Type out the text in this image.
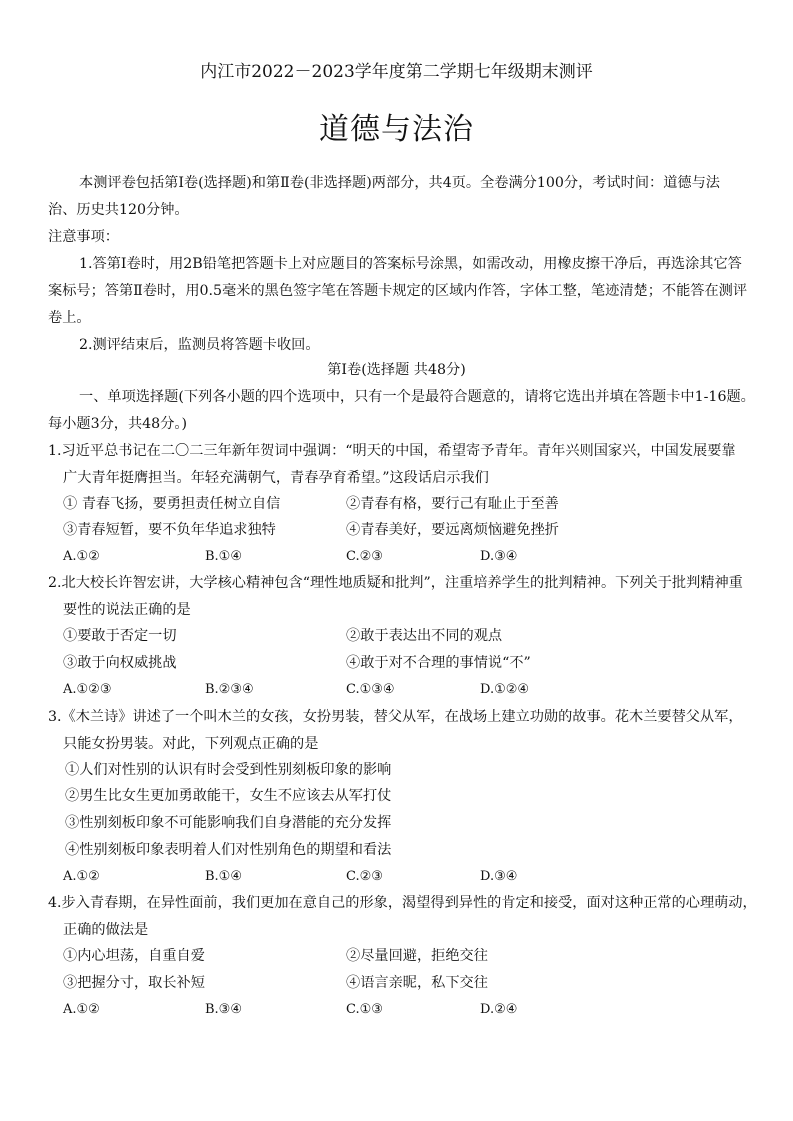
内江市2022－2023学年度第二学期七年级期末测评
道德与法治
本测评卷包括第Ⅰ卷(选择题)和第Ⅱ卷(非选择题)两部分，共4页。全卷满分100分，考试时间：道德与法
治、历史共120分钟。
注意事项：
1.答第Ⅰ卷时，用2B铅笔把答题卡上对应题目的答案标号涂黑，如需改动，用橡皮擦干净后，再选涂其它答
案标号；答第Ⅱ卷时，用0.5毫米的黑色签字笔在答题卡规定的区域内作答，字体工整，笔迹清楚；不能答在测评
卷上。
2.测评结束后，监测员将答题卡收回。
第Ⅰ卷(选择题 共48分)
一、单项选择题(下列各小题的四个选项中，只有一个是最符合题意的，请将它选出并填在答题卡中1-16题。
每小题3分，共48分。)
1.习近平总书记在二〇二三年新年贺词中强调：“明天的中国，希望寄予青年。青年兴则国家兴，中国发展要靠
广大青年挺膺担当。年轻充满朝气，青春孕育希望。”这段话启示我们
① 青春飞扬，要勇担责任树立自信	②青春有格，要行己有耻止于至善
③青春短暂，要不负年华追求独特	④青春美好，要远离烦恼避免挫折
A.①②	B.①④	C.②③	D.③④
2.北大校长许智宏讲，大学核心精神包含“理性地质疑和批判”，注重培养学生的批判精神。下列关于批判精神重
要性的说法正确的是
①要敢于否定一切	②敢于表达出不同的观点
③敢于向权威挑战	④敢于对不合理的事情说“不”
A.①②③	B.②③④	C.①③④	D.①②④
3.《木兰诗》讲述了一个叫木兰的女孩，女扮男装，替父从军，在战场上建立功勋的故事。花木兰要替父从军，
只能女扮男装。对此，下列观点正确的是
①人们对性别的认识有时会受到性别刻板印象的影响
②男生比女生更加勇敢能干，女生不应该去从军打仗
③性别刻板印象不可能影响我们自身潜能的充分发挥
④性别刻板印象表明着人们对性别角色的期望和看法
A.①②	B.①④	C.②③	D.③④
4.步入青春期，在异性面前，我们更加在意自己的形象，渴望得到异性的肯定和接受，面对这种正常的心理萌动，
正确的做法是
①内心坦荡，自重自爱	②尽量回避，拒绝交往
③把握分寸，取长补短	④语言亲昵，私下交往
A.①②	B.③④	C.①③	D.②④
